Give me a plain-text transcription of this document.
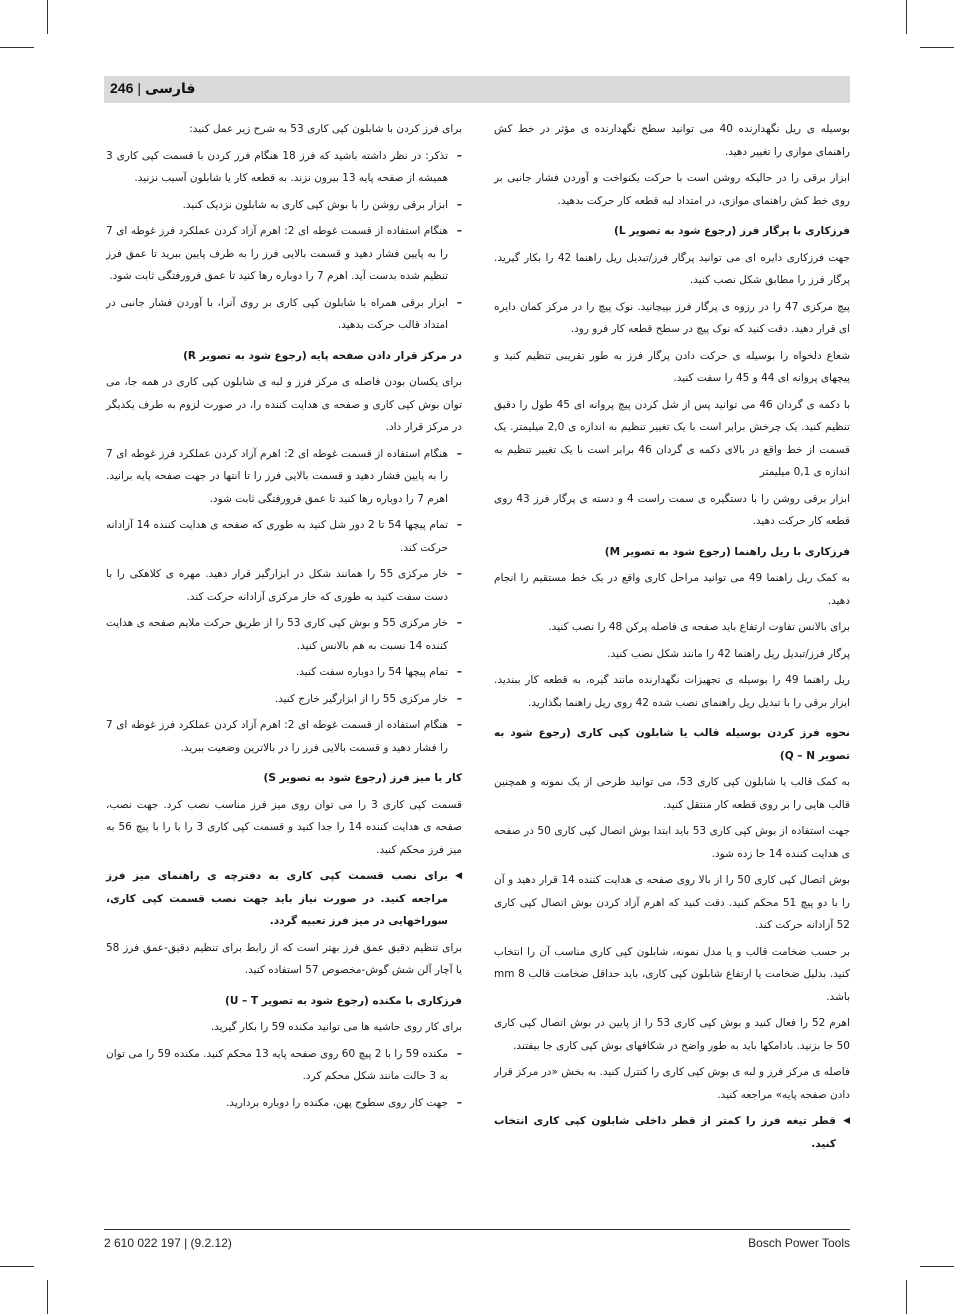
246 | فارسی
بوسیله ی ریل نگهدارنده 40 می توانید سطح نگهدارنده ی مؤثر در خط کش راهنمای موازی را تغییر دهید.
ابزار برقی را در حالیکه روشن است با حرکت یکنواخت و آوردن فشار جانبی بر روی خط کش راهنمای موازی، در امتداد لبه قطعه کار حرکت بدهید.
فرزکاری با پرگار فرز (رجوع شود به تصویر L)
جهت فرزکاری دایره ای می توانید پرگار فرز/تبدیل ریل راهنما 42 را بکار گیرید. پرگار فرز را مطابق شکل نصب کنید.
پیچ مرکزی 47 را در رزوه ی پرگار فرز بپیچانید. نوک پیچ را در مرکز کمان دایره ای قرار دهید. دقت کنید که نوک پیچ در سطح قطعه کار فرو رود.
شعاع دلخواه را بوسیله ی حرکت دادن پرگار فرز به طور تقریبی تنظیم کنید و پیچهای پروانه ای 44 و 45 را سفت کنید.
با دکمه ی گردان 46 می توانید پس از شل کردن پیچ پروانه ای 45 طول را دقیق تنظیم کنید. یک چرخش برابر است با یک تغییر تنظیم به اندازه ی 2,0 میلیمتر. یک قسمت از خط واقع در بالای دکمه ی گردان 46 برابر است با یک تغییر تنظیم به اندازه ی 0,1 میلیمتر
ابزار برقی روشن را با دستگیره ی سمت راست 4 و دسته ی پرگار فرز 43 روی قطعه کار حرکت دهید.
فرزکاری با ریل راهنما (رجوع شود به تصویر M)
به کمک ریل راهنما 49 می توانید مراحل کاری واقع در یک خط مستقیم را انجام دهید.
برای بالانس تفاوت ارتفاع باید صفحه ی فاصله پرکن 48 را نصب کنید.
پرگار فرز/تبدیل ریل راهنما 42 را مانند شکل نصب کنید.
ریل راهنما 49 را بوسیله ی تجهیزات نگهدارنده مانند گیره، به قطعه کار ببندید. ابزار برقی را با تبدیل ریل راهنمای نصب شده 42 روی ریل راهنما بگذارید.
نحوه فرز کردن بوسیله قالب یا شابلون کپی کاری (رجوع شود به تصویر Q – N)
به کمک قالب یا شابلون کپی کاری 53، می توانید طرحی از یک نمونه و همچنین قالب هایی را بر روی قطعه کار منتقل کنید.
جهت استفاده از بوش کپی کاری 53 باید ابتدا بوش اتصال کپی کاری 50 در صفحه ی هدایت کننده 14 جا زده شود.
بوش اتصال کپی کاری 50 را از بالا روی صفحه ی هدایت کننده 14 قرار دهید و آن را با دو پیچ 51 محکم کنید. دقت کنید که اهرم آزاد کردن بوش اتصال کپی کاری 52 آزادانه حرکت کند.
بر حسب ضخامت قالب و یا مدل نمونه، شابلون کپی کاری مناسب آن را انتخاب کنید. بدلیل ضخامت یا ارتفاع شابلون کپی کاری، باید حداقل ضخامت قالب 8 mm باشد.
اهرم 52 را فعال کنید و بوش کپی کاری 53 را از پایین در بوش اتصال کپی کاری 50 جا بزنید. بادامکها باید به طور واضح در شکافهای بوش کپی کاری جا بیفتند.
فاصله ی مرکز فرز و لبه ی بوش کپی کاری را کنترل کنید. به بخش «در مرکز قرار دادن صفحه پایه» مراجعه کنید.
◀
قطر تیغه فرز را کمتر از قطر داخلی شابلون کپی کاری انتخاب کنید.
برای فرز کردن با شابلون کپی کاری 53 به شرح زیر عمل کنید:
– تذکر: در نظر داشته باشید که فرز 18 هنگام فرز کردن با قسمت کپی کاری 3 همیشه از صفحه پایه 13 بیرون نزند. به قطعه کار یا شابلون آسیب نزنید.
– ابزار برقی روشن را با بوش کپی کاری به شابلون نزدیک کنید.
– هنگام استفاده از قسمت غوطه ای 2: اهرم آزاد کردن عملکرد فرز غوطه ای 7 را به پایین فشار دهید و قسمت بالایی فرز را به طرف پایین ببرید تا عمق فرز تنظیم شده بدست آید. اهرم 7 را دوباره رها کنید تا عمق فرورفتگی ثابت شود.
– ابزار برقی همراه با شابلون کپی کاری بر روی آنرا، با آوردن فشار جانبی در امتداد قالب حرکت بدهید.
در مرکز قرار دادن صفحه پایه (رجوع شود به تصویر R)
برای یکسان بودن فاصله ی مرکز فرز و لبه ی شابلون کپی کاری در همه جا، می توان بوش کپی کاری و صفحه ی هدایت کننده را، در صورت لزوم به طرف یکدیگر در مرکز قرار داد.
– هنگام استفاده از قسمت غوطه ای 2: اهرم آزاد کردن عملکرد فرز غوطه ای 7 را به پایین فشار دهید و قسمت بالایی فرز را تا انتها در جهت صفحه پایه برانید. اهرم 7 را دوباره رها کنید تا عمق فرورفتگی ثابت شود.
– تمام پیچها 54 تا 2 دور شل کنید به طوری که صفحه ی هدایت کننده 14 آزادانه حرکت کند.
– خار مرکزی 55 را همانند شکل در ابزارگیر قرار دهید. مهره ی کلاهکی را با دست سفت کنید به طوری که خار مرکزی آزادانه حرکت کند.
– خار مرکزی 55 و بوش کپی کاری 53 را از طریق حرکت ملایم صفحه ی هدایت کننده 14 نسبت به هم بالانس کنید.
– تمام پیچها 54 را دوباره سفت کنید.
– خار مرکزی 55 را از ابزارگیر خارج کنید.
– هنگام استفاده از قسمت غوطه ای 2: اهرم آزاد کردن عملکرد فرز غوطه ای 7 را فشار دهید و قسمت بالایی فرز را در بالاترین وضعیت ببرید.
کار با میز فرز (رجوع شود به تصویر S)
قسمت کپی کاری 3 را می توان روی میز فرز مناسب نصب کرد. جهت نصب، صفحه ی هدایت کننده 14 را جدا کنید و قسمت کپی کاری 3 را با را با پیچ 56 به میز فرز محکم کنید.
◀
برای نصب قسمت کپی کاری به دفترچه ی راهنمای میز فرز مراجعه کنید. در صورت نیاز باید جهت نصب قسمت کپی کاری، سوراخهایی در میز فرز تعبیه گردد.
برای تنظیم دقیق عمق فرز بهتر است که از رابط برای تنظیم دقیق-عمق فرز 58 یا آچار آلن شش گوش-مخصوص 57 استفاده کنید.
فرزکاری با مکنده (رجوع شود به تصویر U – T)
برای کار روی حاشیه ها می توانید مکنده 59 را بکار گیرید.
– مکنده 59 را با 2 پیچ 60 روی صفحه پایه 13 محکم کنید. مکنده 59 را می توان به 3 حالت مانند شکل محکم کرد.
– جهت کار روی سطوح پهن، مکنده را دوباره بردارید.
2 610 022 197 | (9.2.12)	Bosch Power Tools
